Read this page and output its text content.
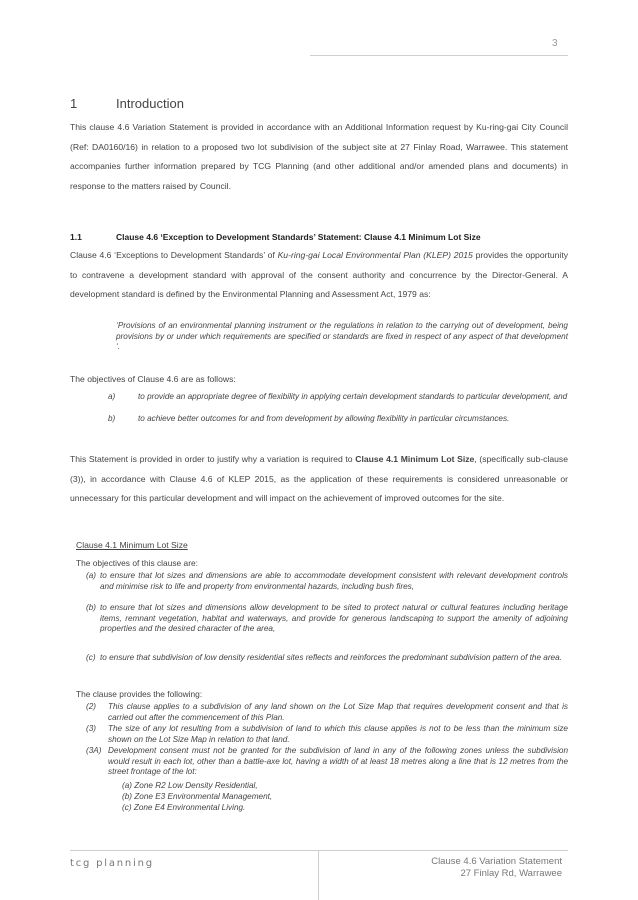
3
1	Introduction

This clause 4.6 Variation Statement is provided in accordance with an Additional Information request by Ku-ring-gai City Council (Ref: DA0160/16) in relation to a proposed two lot subdivision of the subject site at 27 Finlay Road, Warrawee. This statement accompanies further information prepared by TCG Planning (and other additional and/or amended plans and documents) in response to the matters raised by Council.

1.1	Clause 4.6 ‘Exception to Development Standards’ Statement: Clause 4.1 Minimum Lot Size

Clause 4.6 ‘Exceptions to Development Standards’ of Ku-ring-gai Local Environmental Plan (KLEP) 2015 provides the opportunity to contravene a development standard with approval of the consent authority and concurrence by the Director-General. A development standard is defined by the Environmental Planning and Assessment Act, 1979 as:

‘Provisions of an environmental planning instrument or the regulations in relation to the carrying out of development, being provisions by or under which requirements are specified or standards are fixed in respect of any aspect of that development ‘.
The objectives of Clause 4.6 are as follows:
a)	to provide an appropriate degree of flexibility in applying certain development standards to particular development, and
b)	to achieve better outcomes for and from development by allowing flexibility in particular circumstances.

This Statement is provided in order to justify why a variation is required to Clause 4.1 Minimum Lot Size, (specifically sub-clause (3)), in accordance with Clause 4.6 of KLEP 2015, as the application of these requirements is considered unreasonable or unnecessary for this particular development and will impact on the achievement of improved outcomes for the site.

Clause 4.1 Minimum Lot Size
The objectives of this clause are:
(a) to ensure that lot sizes and dimensions are able to accommodate development consistent with relevant development controls and minimise risk to life and property from environmental hazards, including bush fires,
(b) to ensure that lot sizes and dimensions allow development to be sited to protect natural or cultural features including heritage items, remnant vegetation, habitat and waterways, and provide for generous landscaping to support the amenity of adjoining properties and the desired character of the area,
(c) to ensure that subdivision of low density residential sites reflects and reinforces the predominant subdivision pattern of the area.
The clause provides the following:
(2) This clause applies to a subdivision of any land shown on the Lot Size Map that requires development consent and that is carried out after the commencement of this Plan.
(3) The size of any lot resulting from a subdivision of land to which this clause applies is not to be less than the minimum size shown on the Lot Size Map in relation to that land.
(3A) Development consent must not be granted for the subdivision of land in any of the following zones unless the subdivision would result in each lot, other than a battle-axe lot, having a width of at least 18 metres along a line that is 12 metres from the street frontage of the lot:
(a) Zone R2 Low Density Residential,
(b) Zone E3 Environmental Management,
(c) Zone E4 Environmental Living.
tcg planning	Clause 4.6 Variation Statement
27 Finlay Rd, Warrawee
